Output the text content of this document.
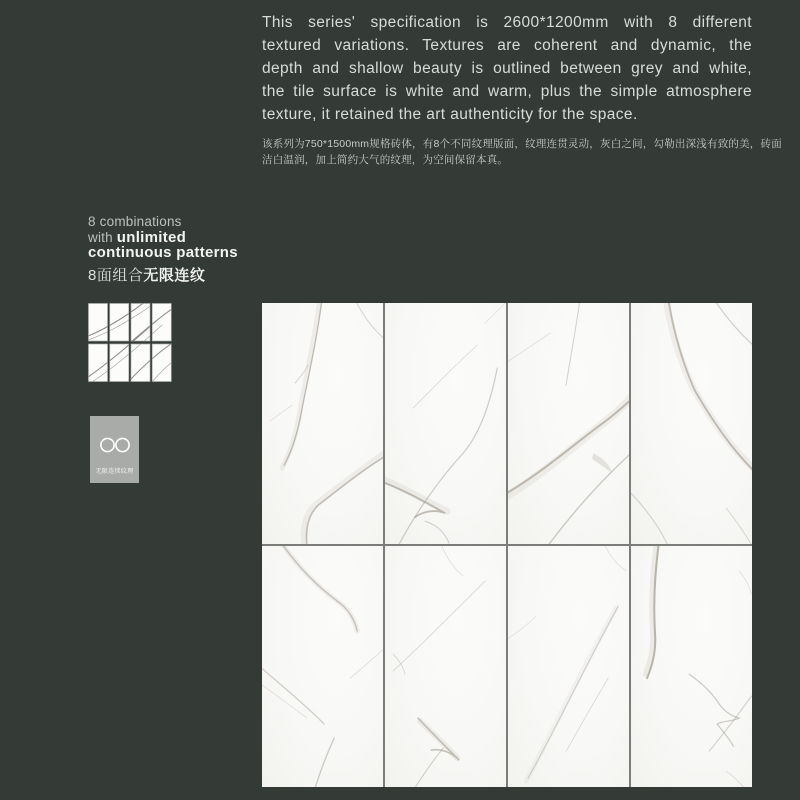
This series' specification is 2600*1200mm with 8 different
textured variations. Textures are coherent and dynamic, the
depth and shallow beauty is outlined between grey and white,
the tile surface is white and warm, plus the simple atmosphere
texture, it retained the art authenticity for the space.
该系列为750*1500mm规格砖体，有8个不同纹理版面，纹理连贯灵动，灰白之间，勾勒出深浅有致的美，砖面
洁白温润，加上简约大气的纹理，为空间保留本真。
8 combinations
with unlimited
continuous patterns
8面组合无限连纹
无限连续纹理
